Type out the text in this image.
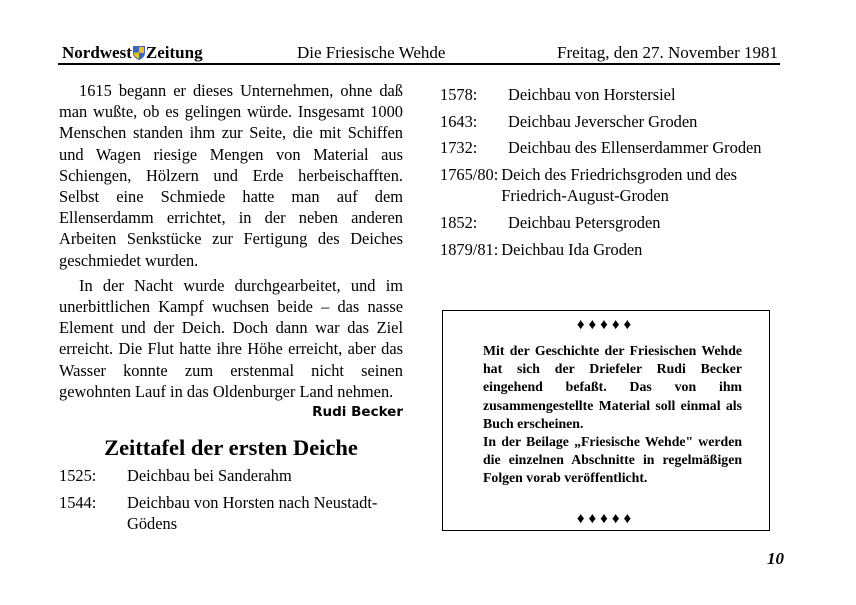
Nordwest Zeitung	Die Friesische Wehde	Freitag, den 27. November 1981

1615 begann er dieses Unternehmen, ohne daß man wußte, ob es gelingen würde. Insgesamt 1000 Menschen standen ihm zur Seite, die mit Schiffen und Wagen riesige Mengen von Material aus Schiengen, Hölzern und Erde herbeischafften. Selbst eine Schmiede hatte man auf dem Ellenserdamm errichtet, in der neben anderen Arbeiten Senkstücke zur Fertigung des Deiches geschmiedet wurden.

In der Nacht wurde durchgearbeitet, und im unerbittlichen Kampf wuchsen beide – das nasse Element und der Deich. Doch dann war das Ziel erreicht. Die Flut hatte ihre Höhe erreicht, aber das Wasser konnte zum erstenmal nicht seinen gewohnten Lauf in das Oldenburger Land nehmen.
Rudi Becker

Zeittafel der ersten Deiche
1525:	Deichbau bei Sanderahm
1544:	Deichbau von Horsten nach Neustadt-Gödens
1578:	Deichbau von Horstersiel
1643:	Deichbau Jeverscher Groden
1732:	Deichbau des Ellenserdammer Groden
1765/80: Deich des Friedrichsgroden und des Friedrich-August-Groden
1852:	Deichbau Petersgroden
1879/81: Deichbau Ida Groden
♦♦♦♦♦

Mit der Geschichte der Friesischen Wehde hat sich der Driefeler Rudi Becker eingehend befaßt. Das von ihm zusammengestellte Material soll einmal als Buch erscheinen.

In der Beilage „Friesische Wehde" werden die einzelnen Abschnitte in regelmäßigen Folgen vorab veröffentlicht.

♦♦♦♦♦
10
